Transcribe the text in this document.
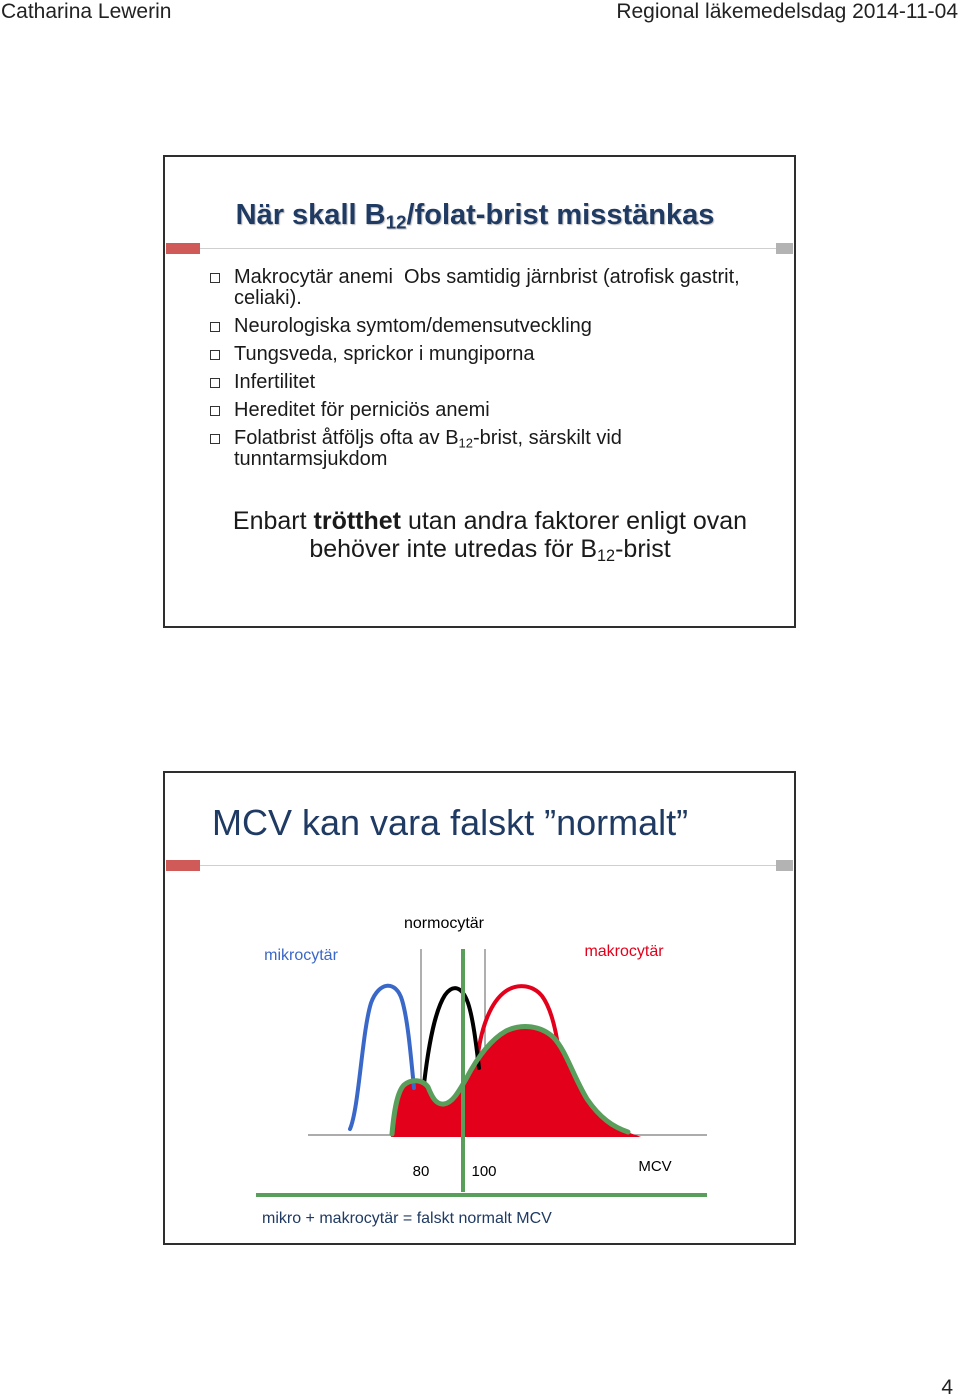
Catharina Lewerin	Regional läkemedelsdag 2014-11-04
När skall $B_{12}/folat$-brist misstänkas
Makrocytär anemi  Obs samtidig järnbrist (atrofisk gastrit, celiaki).
Neurologiska symtom/demensutveckling
Tungsveda, sprickor i mungiporna
Infertilitet
Hereditet för perniciös anemi
Folatbrist åtföljs ofta av $B_{12}$-brist, särskilt vid tunntarmsjukdom
Enbart trötthet utan andra faktorer enligt ovan
behöver inte utredas för $B_{12}$-brist
MCV kan vara falskt ”normalt”
normocytär
mikrocytär	makrocytär
80	100	MCV
mikro + makrocytär = falskt normalt MCV
4
